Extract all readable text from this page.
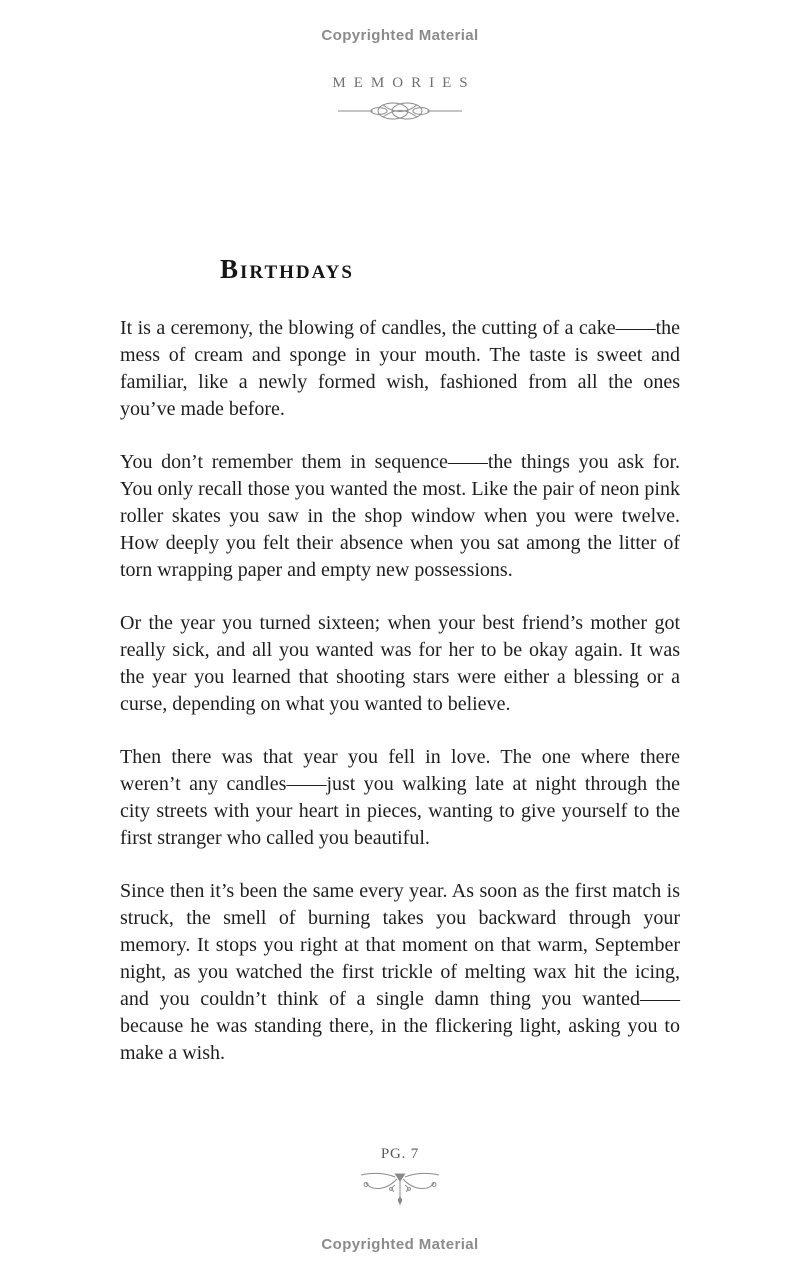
Copyrighted Material
MEMORIES
Birthdays

It is a ceremony, the blowing of candles, the cutting of a cake——the mess of cream and sponge in your mouth. The taste is sweet and familiar, like a newly formed wish, fashioned from all the ones you’ve made before.

You don’t remember them in sequence——the things you ask for. You only recall those you wanted the most. Like the pair of neon pink roller skates you saw in the shop window when you were twelve. How deeply you felt their absence when you sat among the litter of torn wrapping paper and empty new possessions.

Or the year you turned sixteen; when your best friend’s mother got really sick, and all you wanted was for her to be okay again. It was the year you learned that shooting stars were either a blessing or a curse, depending on what you wanted to believe.

Then there was that year you fell in love. The one where there weren’t any candles——just you walking late at night through the city streets with your heart in pieces, wanting to give yourself to the first stranger who called you beautiful.

Since then it’s been the same every year. As soon as the first match is struck, the smell of burning takes you backward through your memory. It stops you right at that moment on that warm, September night, as you watched the first trickle of melting wax hit the icing, and you couldn’t think of a single damn thing you wanted——because he was standing there, in the flickering light, asking you to make a wish.

PG. 7
Copyrighted Material
